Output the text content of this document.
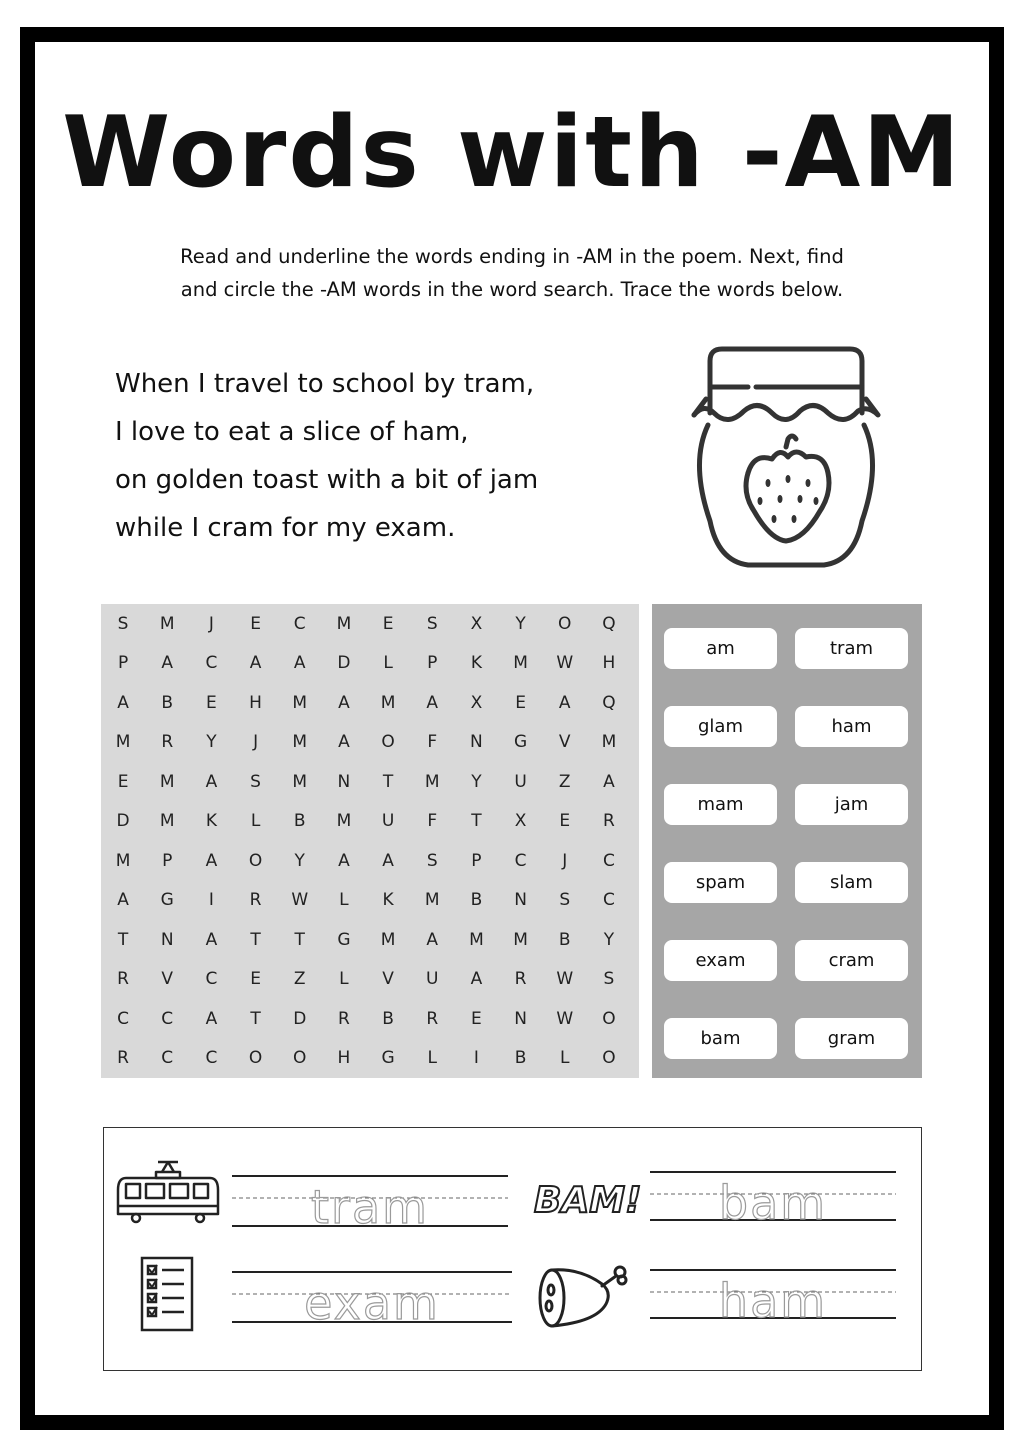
Words with -AM
Read and underline the words ending in -AM in the poem. Next, find
and circle the -AM words in the word search. Trace the words below.
When I travel to school by tram,
I love to eat a slice of ham,
on golden toast with a bit of jam
while I cram for my exam.
S	M	J	E	C	M	E	S	X	Y	O	Q
P	A	C	A	A	D	L	P	K	M	W	H
A	B	E	H	M	A	M	A	X	E	A	Q
M	R	Y	J	M	A	O	F	N	G	V	M
E	M	A	S	M	N	T	M	Y	U	Z	A
D	M	K	L	B	M	U	F	T	X	E	R
M	P	A	O	Y	A	A	S	P	C	J	C
A	G	I	R	W	L	K	M	B	N	S	C
T	N	A	T	T	G	M	A	M	M	B	Y
R	V	C	E	Z	L	V	U	A	R	W	S
C	C	A	T	D	R	B	R	E	N	W	O
R	C	C	O	O	H	G	L	I	B	L	O
am	tram
glam	ham
mam	jam
spam	slam
exam	cram
bam	gram
tram	BAM!	bam
exam	ham
